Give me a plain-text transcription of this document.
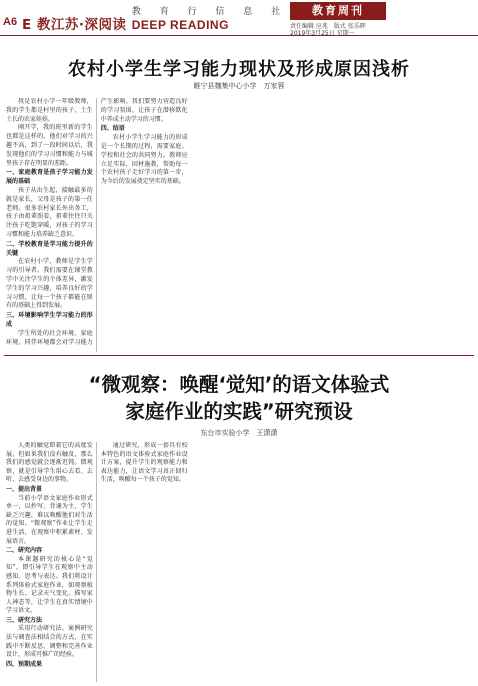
教 育 行 信 息 社
A6 E 教江苏·深阅读 DEEP READING
教育周刊
责任编辑 应兆　版式 张乐晖
2019年3月25日 星期一
农村小学生学习能力现状及形成原因浅析
睢宁县魏集中心小学　万家蓉

我是农村小学一年级教师，我的学生都是村里的孩子，土生土长的农家娃娃。

刚开学，我的班里新的学生也都是这样的，他们对学习的兴趣不高，到了一段时间以后，我发现他们的学习习惯和能力与城里孩子存在明显的差距。

一、家庭教育是孩子学习能力发展的基础

孩子从出生起，接触最多的就是家长，父母是孩子的第一任老师。很多农村家长外出务工，孩子由祖辈照看，祖辈往往只关注孩子吃饱穿暖，对孩子的学习习惯和能力培养缺乏意识。

二、学校教育是学习能力提升的关键

在农村小学，教师是学生学习的引导者。我们需要在课堂教学中关注学生的个体差异，激发学生的学习兴趣，培养良好的学习习惯，让每一个孩子都能在原有的基础上得到发展。

三、环境影响学生学习能力的形成

学生所处的社会环境、家庭环境、同伴环境都会对学习能力产生影响。我们要努力营造良好的学习氛围，让孩子在潜移默化中养成主动学习的习惯。

四、结语

农村小学生学习能力的形成是一个长期的过程，需要家庭、学校和社会的共同努力。教师应立足实际，因材施教，帮助每一个农村孩子走好学习的第一步，为今后的发展奠定坚实的基础。

“微观察：唤醒‘觉知’的语文体验式
家庭作业的实践”研究预设
东台市实验小学　王潇潇

人类的触觉即着它的高度发展，但如果我们没有触及，那么我们的感觉就会逐渐迟钝。微观察，就是引导学生用心去看、去听、去感受身边的事物。

一、提出背景

当前小学语文家庭作业形式单一，以抄写、背诵为主，学生缺乏兴趣，难以唤醒他们对生活的觉知。“微观察”作业让学生走进生活，在观察中积累素材、发展语言。

二、研究内容

本课题研究的核心是“觉知”，即引导学生在观察中主动感知、思考与表达。我们将设计系列体验式家庭作业，如观察植物生长、记录天气变化、描写家人神态等，让学生在真实情境中学习语文。

三、研究方法

采用行动研究法、案例研究法与调查法相结合的方式，在实践中不断反思、调整和完善作业设计，形成可推广的经验。

四、预期成果

通过研究，形成一套具有校本特色的语文体验式家庭作业设计方案，提升学生的观察能力和表达能力，让语文学习真正回归生活，唤醒每一个孩子的觉知。
